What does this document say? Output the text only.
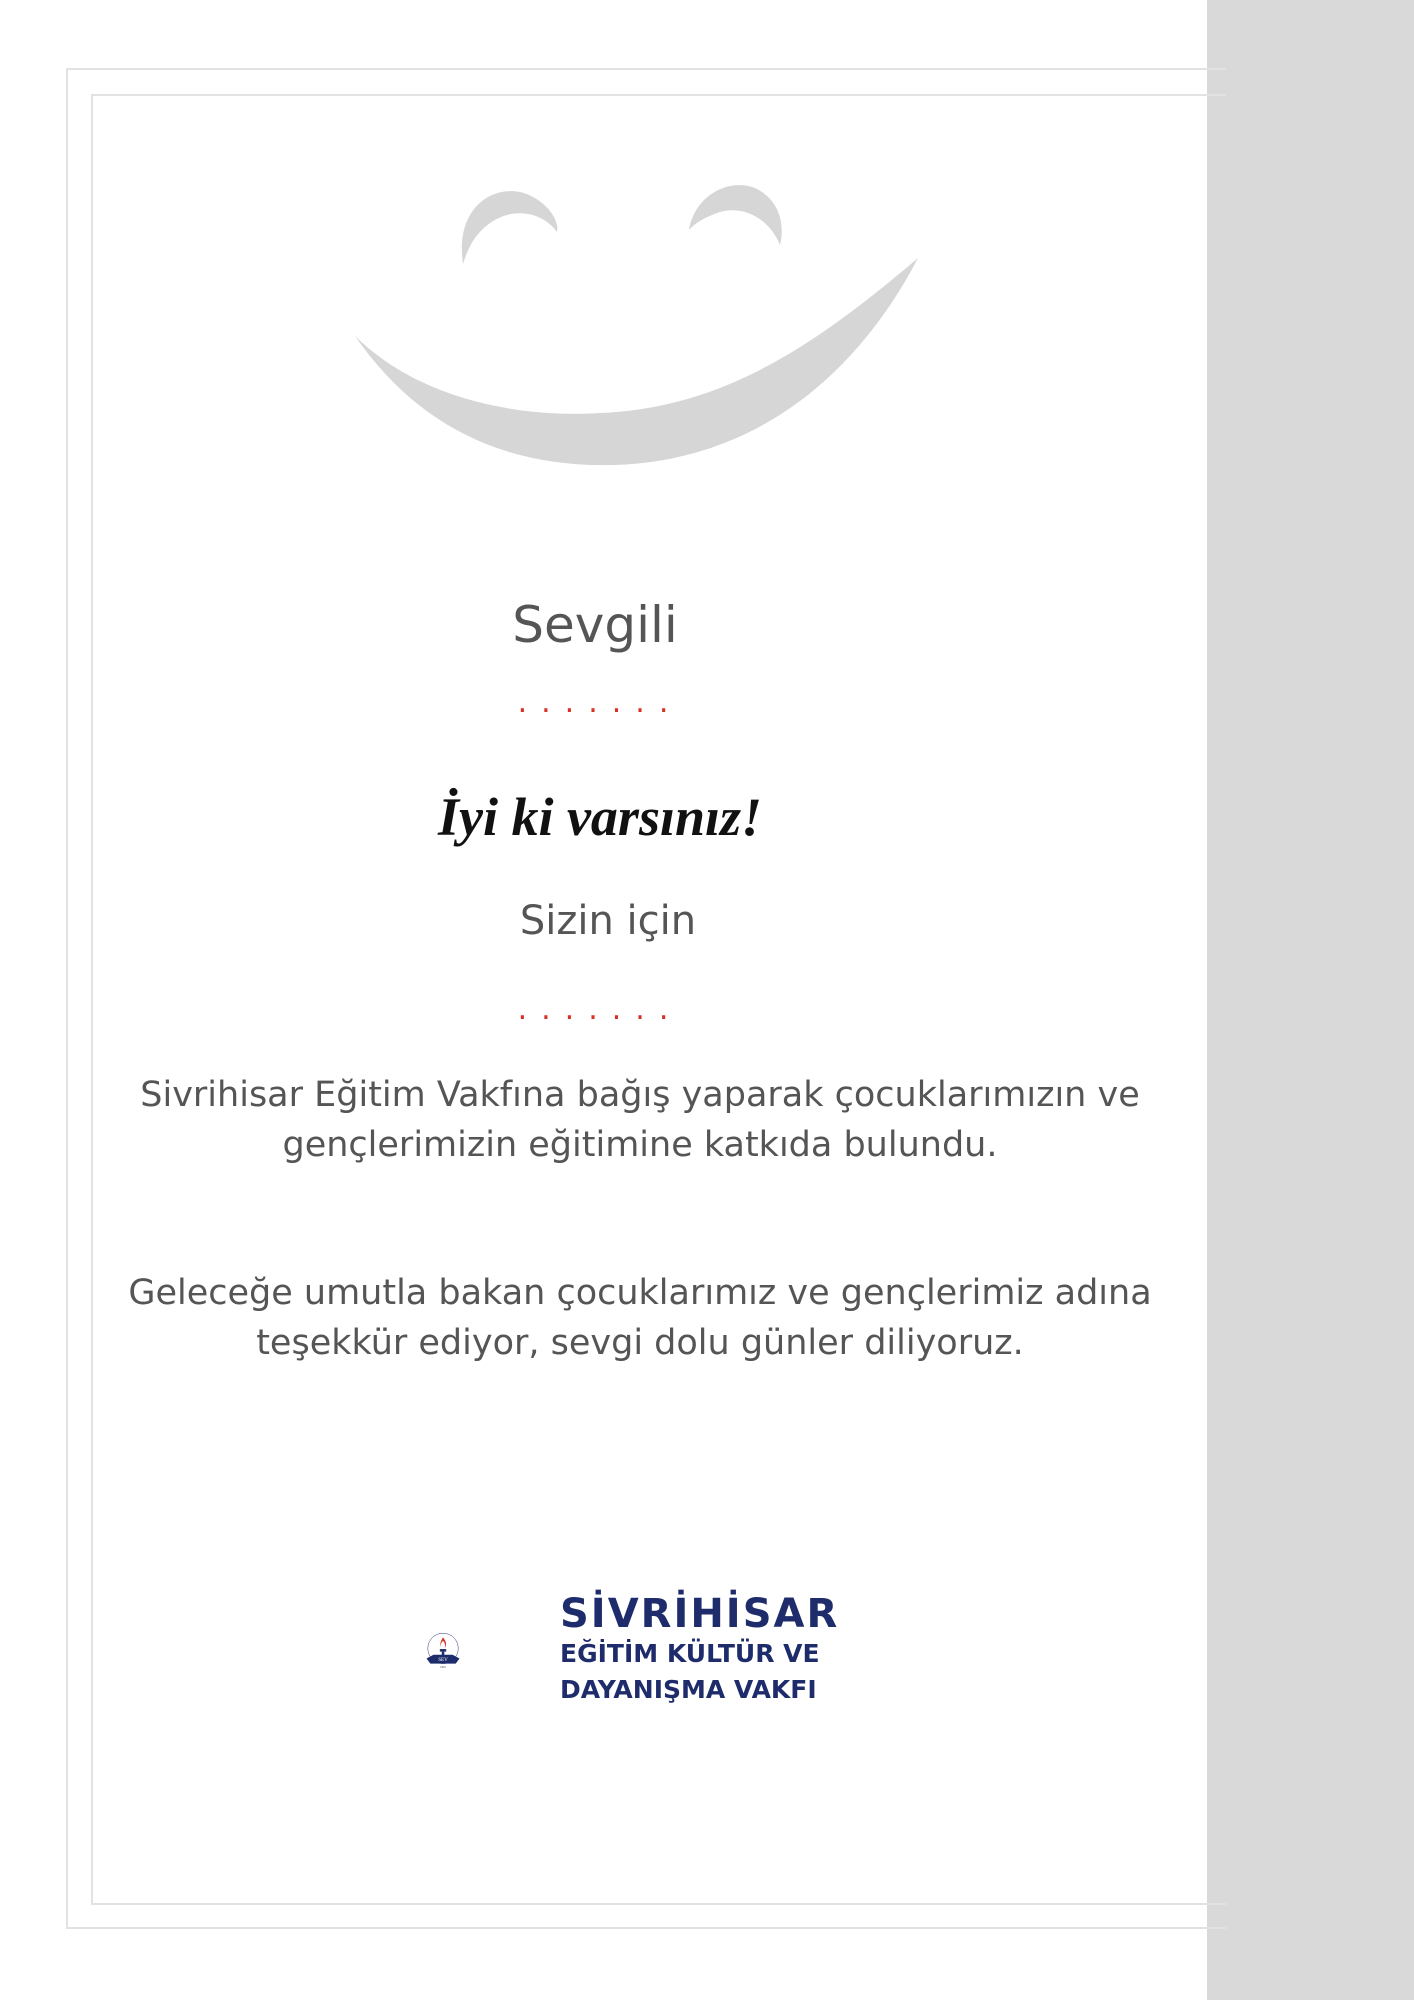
Sevgili
.......
İyi ki varsınız!
Sizin için
.......
Sivrihisar Eğitim Vakfına bağış yaparak çocuklarımızın ve gençlerimizin eğitimine katkıda bulundu.
Geleceğe umutla bakan çocuklarımız ve gençlerimiz adına teşekkür ediyor, sevgi dolu günler diliyoruz.
SEV
1991
SİVRİHİSAR
EĞİTİM KÜLTÜR VE
DAYANIŞMA VAKFI
